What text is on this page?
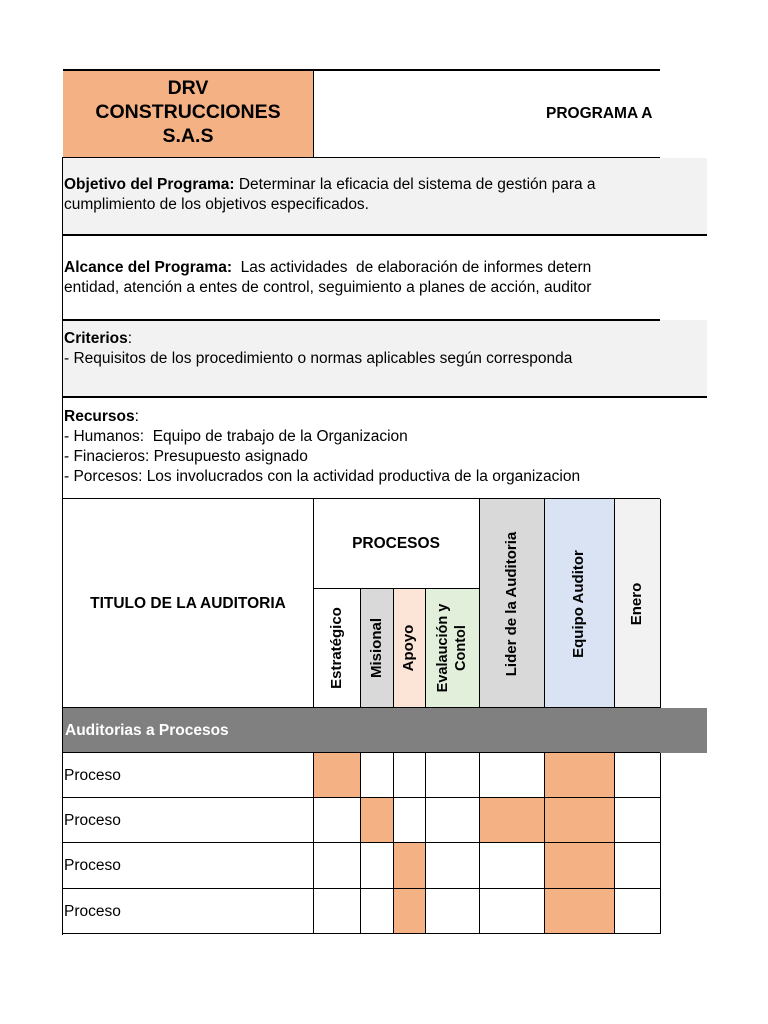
DRV
CONSTRUCCIONES
S.A.S
PROGRAMA A
Objetivo del Programa: Determinar la eficacia del sistema de gestión para a
cumplimiento de los objetivos especificados.
Alcance del Programa:  Las actividades  de elaboración de informes detern
entidad, atención a entes de control, seguimiento a planes de acción, auditor
Criterios:
- Requisitos de los procedimiento o normas aplicables según corresponda
Recursos:
- Humanos:  Equipo de trabajo de la Organizacion
- Finacieros: Presupuesto asignado
- Porcesos: Los involucrados con la actividad productiva de la organizacion
TITULO DE LA AUDITORIA
PROCESOS
Estratégico Misional Apoyo Evalaución y Contol Lider de la Auditoria	Equipo Auditor	Enero
Auditorias a Procesos
Proceso
Proceso
Proceso
Proceso
